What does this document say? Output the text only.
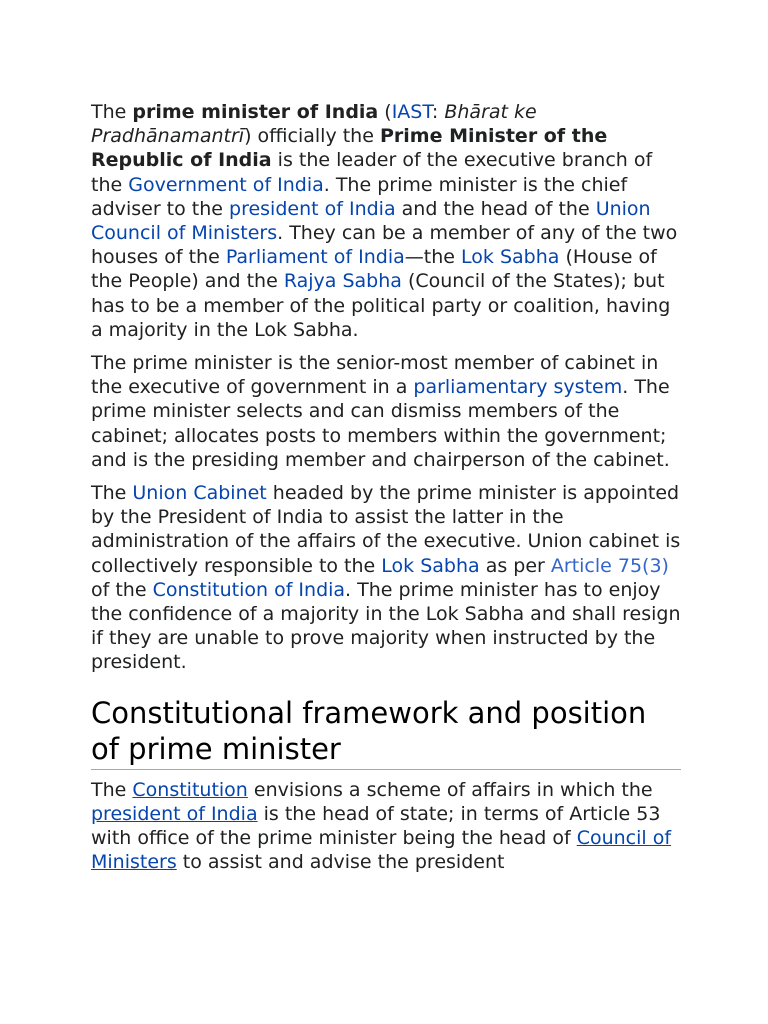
The prime minister of India (IAST: Bhārat ke Pradhānamantrī) officially the Prime Minister of the Republic of India is the leader of the executive branch of the Government of India. The prime minister is the chief adviser to the president of India and the head of the Union Council of Ministers. They can be a member of any of the two houses of the Parliament of India—the Lok Sabha (House of the People) and the Rajya Sabha (Council of the States); but has to be a member of the political party or coalition, having a majority in the Lok Sabha.

The prime minister is the senior-most member of cabinet in the executive of government in a parliamentary system. The prime minister selects and can dismiss members of the cabinet; allocates posts to members within the government; and is the presiding member and chairperson of the cabinet.

The Union Cabinet headed by the prime minister is appointed by the President of India to assist the latter in the administration of the affairs of the executive. Union cabinet is collectively responsible to the Lok Sabha as per Article 75(3) of the Constitution of India. The prime minister has to enjoy the confidence of a majority in the Lok Sabha and shall resign if they are unable to prove majority when instructed by the president.

Constitutional framework and position of prime minister

The Constitution envisions a scheme of affairs in which the president of India is the head of state; in terms of Article 53 with office of the prime minister being the head of Council of Ministers to assist and advise the president
